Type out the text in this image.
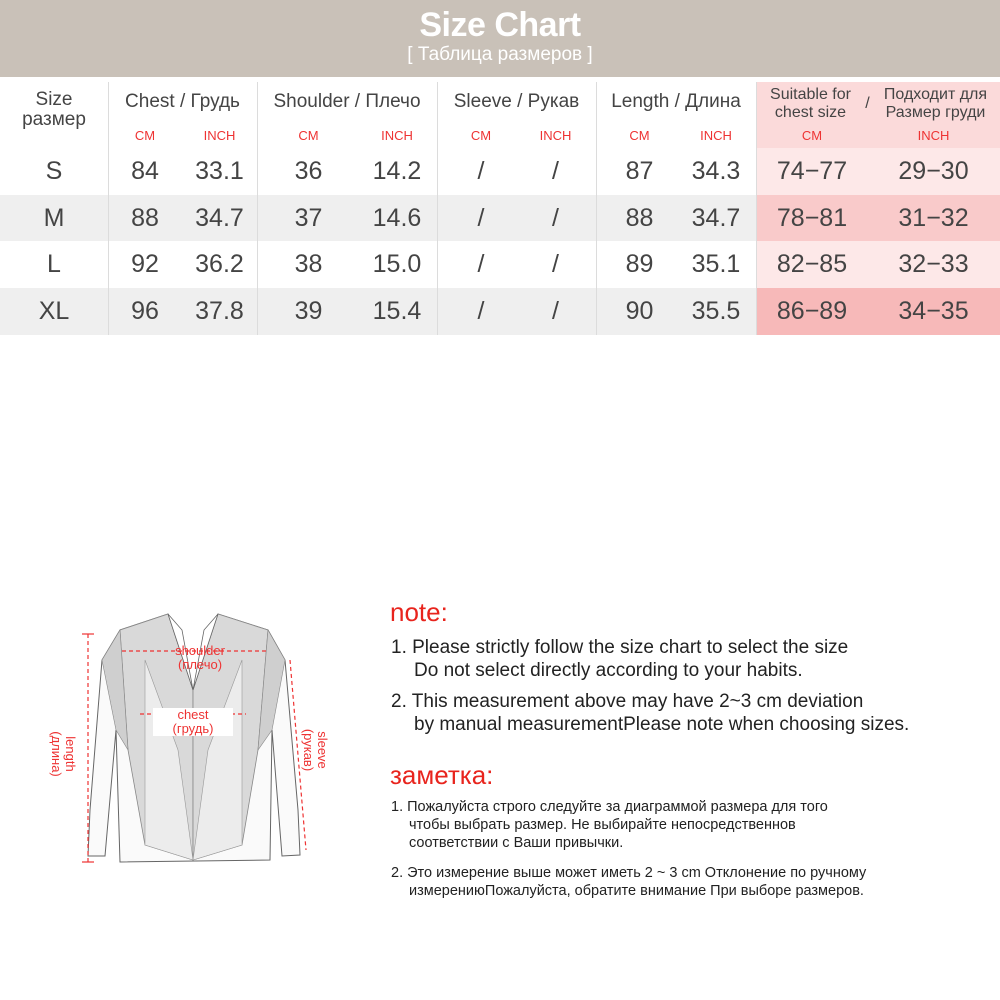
Size Chart
[ Таблица размеров ]
Size
размер
Chest / Грудь	Shoulder / Плечо	Sleeve / Рукав	Length / Длина	Suitable for
chest size
/
Подходит для
Размер груди
CM	INCH	CM	INCH	CM	INCH	CM	INCH	CM	INCH
S	84	33.1	36	14.2	/	/	87	34.3	74−77	29−30
M	88	34.7	37	14.6	/	/	88	34.7	78−81	31−32
L	92	36.2	38	15.0	/	/	89	35.1	82−85	32−33
XL	96	37.8	39	15.4	/	/	90	35.5	86−89	34−35
shoulder
(плечо)
chest
(грудь)
length
(длина)	sleeve
(рукав)
note:
1. Please strictly follow the size chart to select the size
Do not select directly according to your habits.
2. This measurement above may have 2~3 cm deviation
by manual measurementPlease note when choosing sizes.
заметка:
1. Пожалуйста строго следуйте за диаграммой размера для того
чтобы выбрать размер. Не выбирайте непосредственнов
соответствии с Ваши привычки.
2. Это измерение выше может иметь 2 ~ 3 cm Отклонение по ручному
измерениюПожалуйста, обратите внимание При выборе размеров.
